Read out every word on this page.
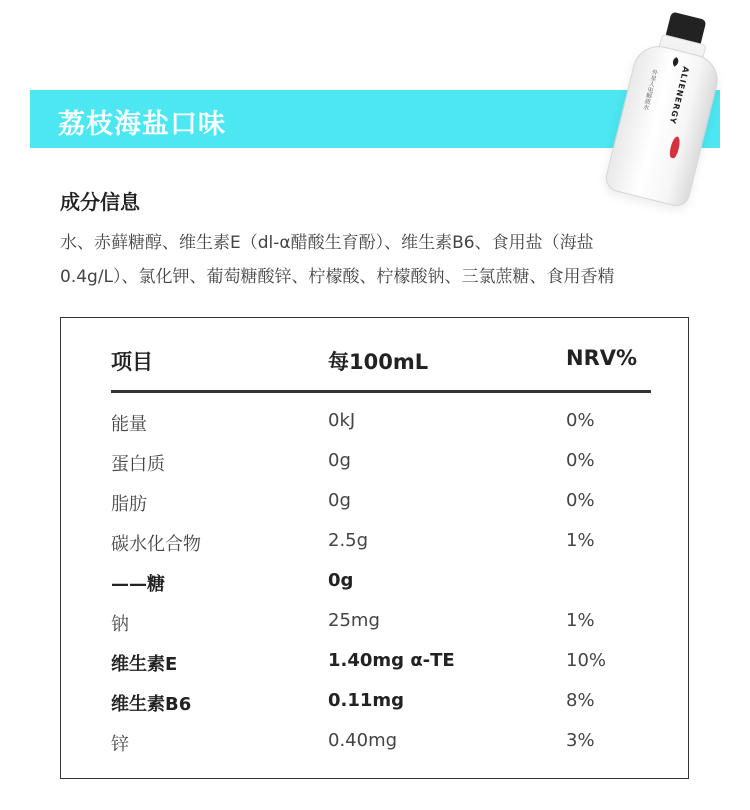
荔枝海盐口味	ALIENERGY
外星人电解质水
成分信息
水、赤藓糖醇、维生素E（dl-α醋酸生育酚）、维生素B6、食用盐（海盐
0.4g/L）、氯化钾、葡萄糖酸锌、柠檬酸、柠檬酸钠、三氯蔗糖、食用香精
项目	每100mL	NRV%
能量	0kJ	0%
蛋白质	0g	0%
脂肪	0g	0%
碳水化合物	2.5g	1%
——糖	0g
钠	25mg	1%
维生素E	1.40mg α-TE	10%
维生素B6	0.11mg	8%
锌	0.40mg	3%
